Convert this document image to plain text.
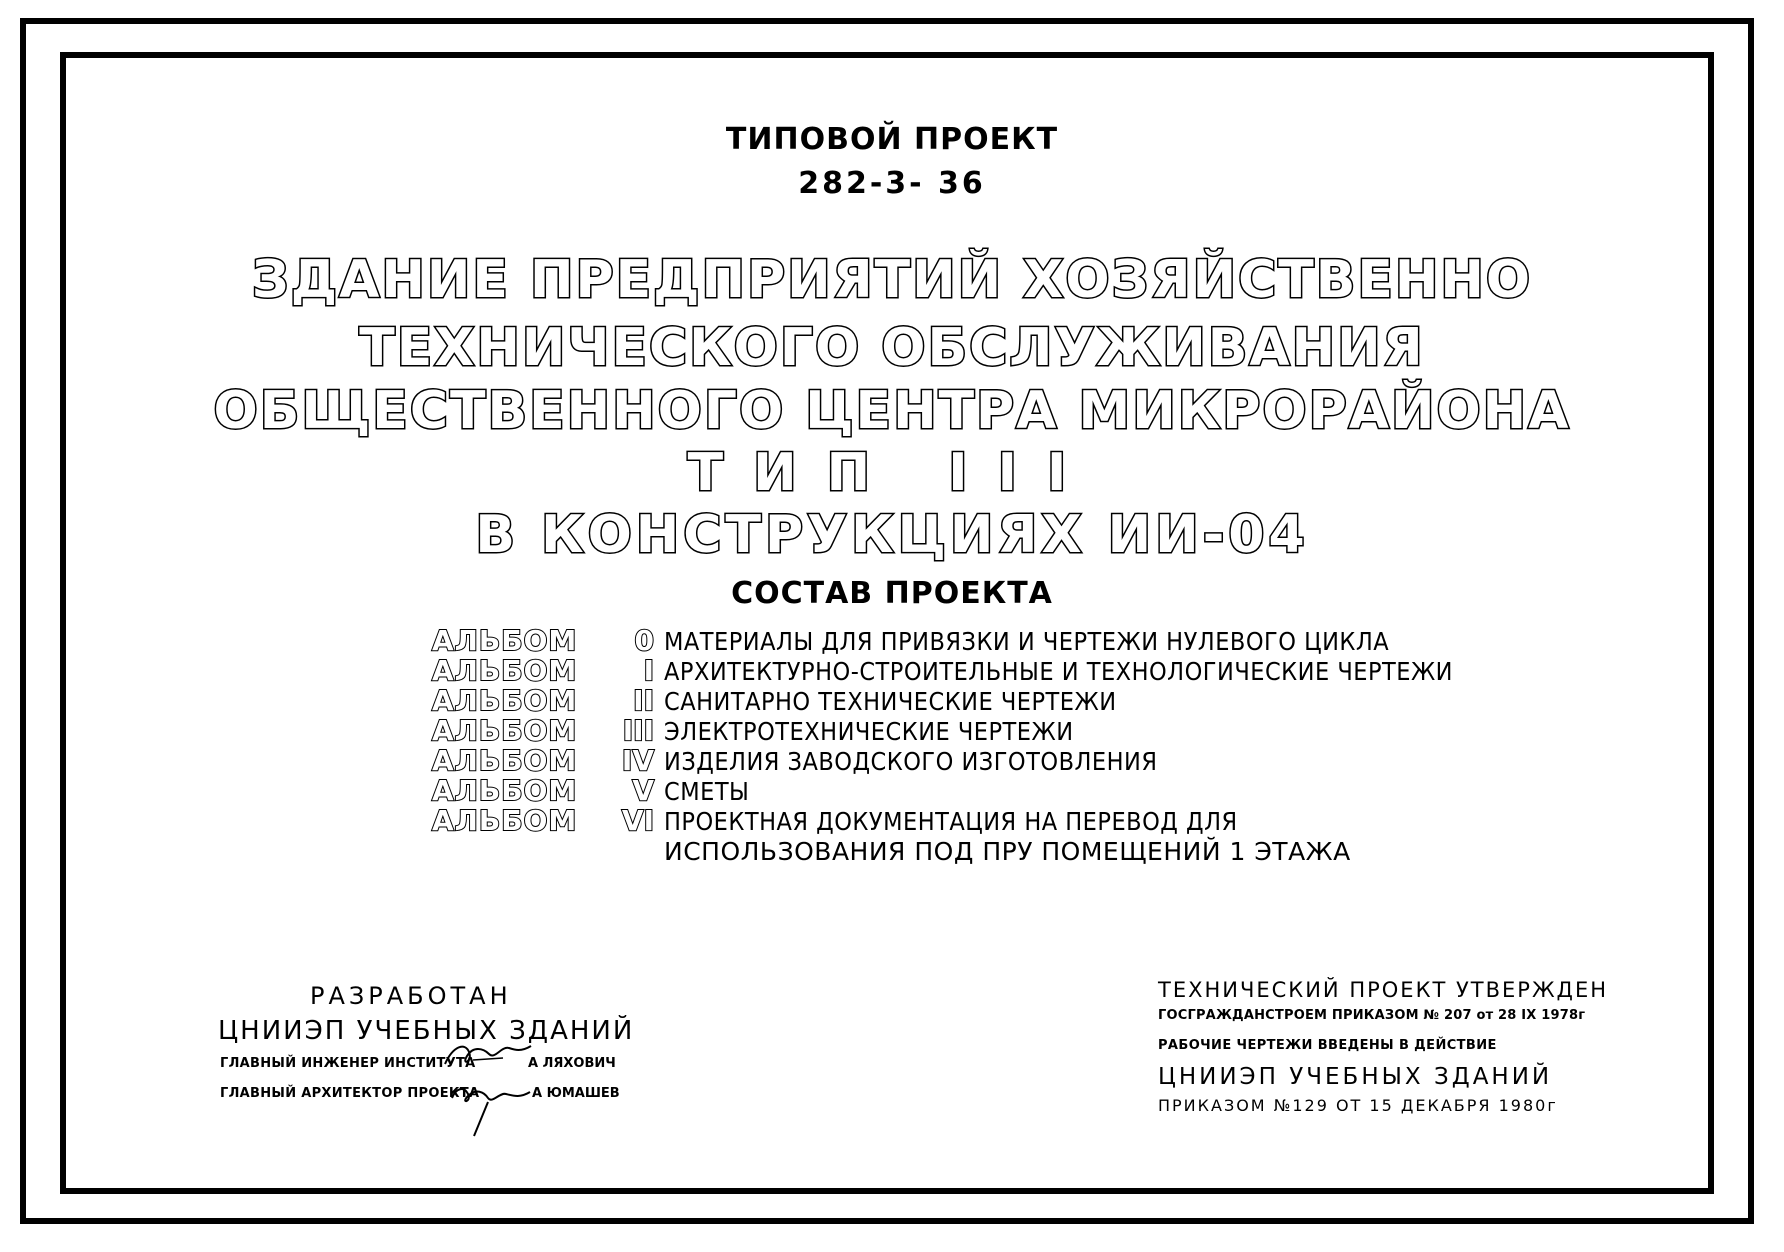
ТИПОВОЙ ПРОЕКТ
282-3- 36
ЗДАНИЕ ПРЕДПРИЯТИЙ ХОЗЯЙСТВЕННО
ТЕХНИЧЕСКОГО ОБСЛУЖИВАНИЯ
ОБЩЕСТВЕННОГО ЦЕНТРА МИКРОРАЙОНА
ТИП III
В КОНСТРУКЦИЯХ ИИ-04
СОСТАВ ПРОЕКТА
АЛЬБОМ	0 МАТЕРИАЛЫ ДЛЯ ПРИВЯЗКИ И ЧЕРТЕЖИ НУЛЕВОГО ЦИКЛА
АЛЬБОМ	I АРХИТЕКТУРНО-СТРОИТЕЛЬНЫЕ И ТЕХНОЛОГИЧЕСКИЕ ЧЕРТЕЖИ
АЛЬБОМ	II САНИТАРНО ТЕХНИЧЕСКИЕ ЧЕРТЕЖИ
АЛЬБОМ	III ЭЛЕКТРОТЕХНИЧЕСКИЕ ЧЕРТЕЖИ
АЛЬБОМ	IV ИЗДЕЛИЯ ЗАВОДСКОГО ИЗГОТОВЛЕНИЯ
АЛЬБОМ	V СМЕТЫ
АЛЬБОМ	VI ПРОЕКТНАЯ ДОКУМЕНТАЦИЯ НА ПЕРЕВОД ДЛЯ
ИСПОЛЬЗОВАНИЯ ПОД ПРУ ПОМЕЩЕНИЙ 1 ЭТАЖА
РАЗРАБОТАН
ЦНИИЭП УЧЕБНЫХ ЗДАНИЙ
ГЛАВНЫЙ ИНЖЕНЕР ИНСТИТУТА	А ЛЯХОВИЧ
ГЛАВНЫЙ АРХИТЕКТОР ПРОЕКТА	А ЮМАШЕВ
ТЕХНИЧЕСКИЙ ПРОЕКТ УТВЕРЖДЕН
ГОСГРАЖДАНСТРОЕМ ПРИКАЗОМ № 207 от 28 IX 1978г
РАБОЧИЕ ЧЕРТЕЖИ ВВЕДЕНЫ В ДЕЙСТВИЕ
ЦНИИЭП УЧЕБНЫХ ЗДАНИЙ
ПРИКАЗОМ №129 ОТ 15 ДЕКАБРЯ 1980г
